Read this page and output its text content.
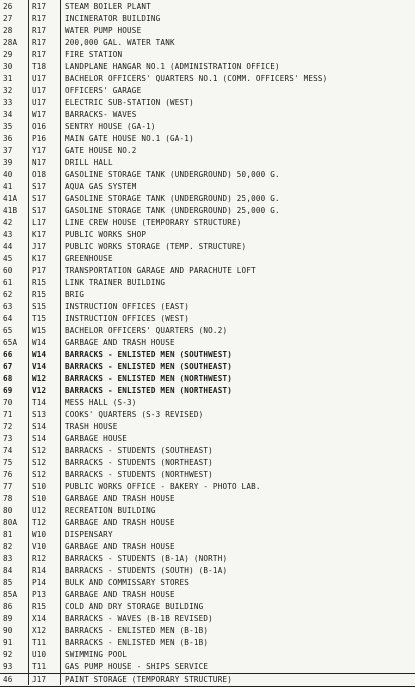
26	R17	STEAM BOILER PLANT
27	R17	INCINERATOR BUILDING
28	R17	WATER PUMP HOUSE
28A	R17	200,000 GAL. WATER TANK
29	R17	FIRE STATION
30	T18	LANDPLANE HANGAR NO.1 (ADMINISTRATION OFFICE)
31	U17	BACHELOR OFFICERS' QUARTERS NO.1 (COMM. OFFICERS' MESS)
32	U17	OFFICERS' GARAGE
33	U17	ELECTRIC SUB-STATION (WEST)
34	W17	BARRACKS- WAVES
35	O16	SENTRY HOUSE (GA-1)
36	P16	MAIN GATE HOUSE NO.1 (GA-1)
37	Y17	GATE HOUSE NO.2
39	N17	DRILL HALL
40	O18	GASOLINE STORAGE TANK (UNDERGROUND) 50,000 G.
41	S17	AQUA GAS SYSTEM
41A	S17	GASOLINE STORAGE TANK (UNDERGROUND) 25,000 G.
41B	S17	GASOLINE STORAGE TANK (UNDERGROUND) 25,000 G.
42	L17	LINE CREW HOUSE (TEMPORARY STRUCTURE)
43	K17	PUBLIC WORKS SHOP
44	J17	PUBLIC WORKS STORAGE (TEMP. STRUCTURE)
45	K17	GREENHOUSE
60	P17	TRANSPORTATION GARAGE AND PARACHUTE LOFT
61	R15	LINK TRAINER BUILDING
62	R15	BRIG
63	S15	INSTRUCTION OFFICES (EAST)
64	T15	INSTRUCTION OFFICES (WEST)
65	W15	BACHELOR OFFICERS' QUARTERS (NO.2)
65A	W14	GARBAGE AND TRASH HOUSE
66	W14	BARRACKS - ENLISTED MEN (SOUTHWEST)
67	V14	BARRACKS - ENLISTED MEN (SOUTHEAST)
68	W12	BARRACKS - ENLISTED MEN (NORTHWEST)
69	V12	BARRACKS - ENLISTED MEN (NORTHEAST)
70	T14	MESS HALL (S-3)
71	S13	COOKS' QUARTERS (S-3 REVISED)
72	S14	TRASH HOUSE
73	S14	GARBAGE HOUSE
74	S12	BARRACKS - STUDENTS (SOUTHEAST)
75	S12	BARRACKS - STUDENTS (NORTHEAST)
76	S12	BARRACKS - STUDENTS (NORTHWEST)
77	S10	PUBLIC WORKS OFFICE - BAKERY - PHOTO LAB.
78	S10	GARBAGE AND TRASH HOUSE
80	U12	RECREATION BUILDING
80A	T12	GARBAGE AND TRASH HOUSE
81	W10	DISPENSARY
82	V10	GARBAGE AND TRASH HOUSE
83	R12	BARRACKS - STUDENTS (B-1A) (NORTH)
84	R14	BARRACKS - STUDENTS (SOUTH) (B-1A)
85	P14	BULK AND COMMISSARY STORES
85A	P13	GARBAGE AND TRASH HOUSE
86	R15	COLD AND DRY STORAGE BUILDING
89	X14	BARRACKS - WAVES (B-1B REVISED)
90	X12	BARRACKS - ENLISTED MEN (B-1B)
91	T11	BARRACKS - ENLISTED MEN (B-1B)
92	U10	SWIMMING POOL
93	T11	GAS PUMP HOUSE - SHIPS SERVICE
46	J17	PAINT STORAGE (TEMPORARY STRUCTURE)
